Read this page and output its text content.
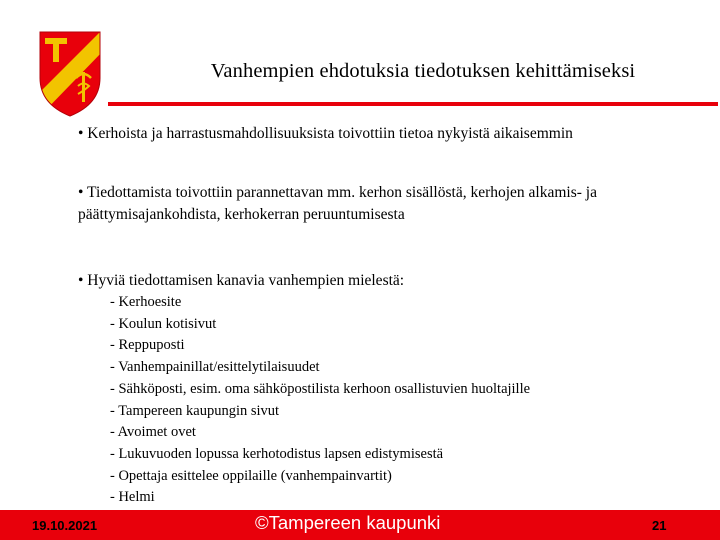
Vanhempien ehdotuksia tiedotuksen kehittämiseksi
• Kerhoista ja harrastusmahdollisuuksista toivottiin tietoa nykyistä aikaisemmin
• Tiedottamista toivottiin parannettavan mm. kerhon sisällöstä, kerhojen alkamis- ja päättymisajankohdista, kerhokerran peruuntumisesta
• Hyviä tiedottamisen kanavia vanhempien mielestä:
- Kerhoesite
- Koulun kotisivut
- Reppuposti
- Vanhempainillat/esittelytilaisuudet
- Sähköposti, esim. oma sähköpostilista kerhoon osallistuvien huoltajille
- Tampereen kaupungin sivut
- Avoimet ovet
- Lukuvuoden lopussa kerhotodistus lapsen edistymisestä
- Opettaja esittelee oppilaille (vanhempainvartit)
- Helmi
19.10.2021	©Tampereen kaupunki	21
